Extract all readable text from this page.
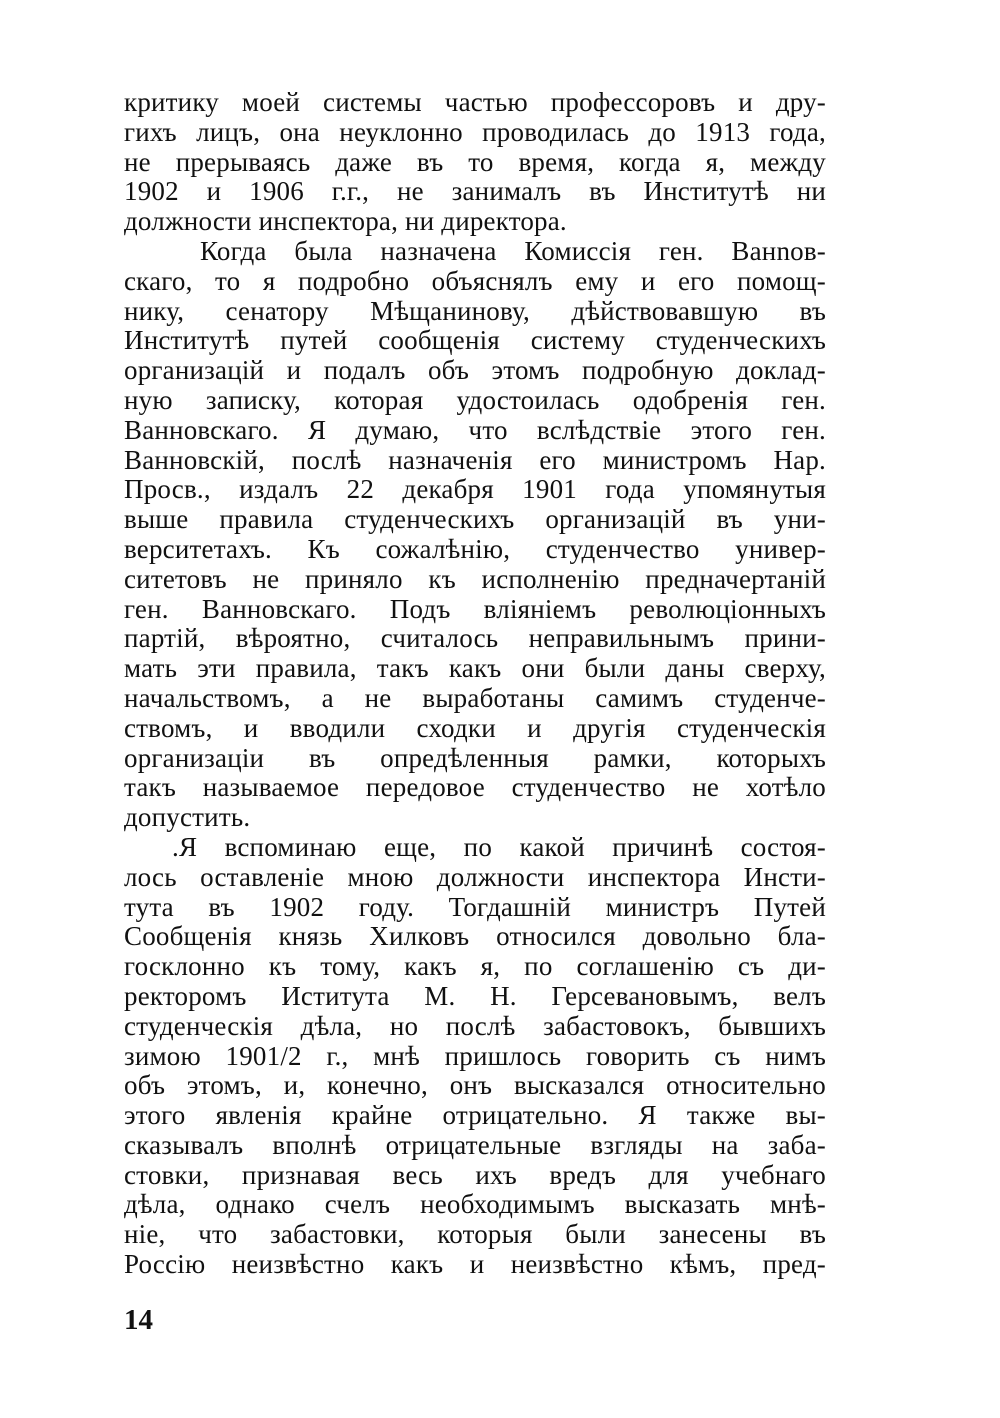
критику моей системы частью профессоровъ и дру-
гихъ лицъ, она неуклонно проводилась до 1913 года,
не прерываясь даже въ то время, когда я, между
1902 и 1906 г.г., не занималъ въ Институтѣ ни
должности инспектора, ни директора.
Когда была назначена Комиссія ген. Ванnов-
скаго, то я подробно объяснялъ ему и его помощ-
нику, сенатору Мѣщанинову, дѣйствовавшую въ
Институтѣ путей сообщенія систему студенческихъ
организацій и подалъ объ этомъ подробную доклад-
ную записку, которая удостоилась одобренія ген.
Ванновскаго. Я думаю, что вслѣдствіе этого ген.
Ванновскій, послѣ назначенія его министромъ Нар.
Просв., издалъ 22 декабря 1901 года упомянутыя
выше правила студенческихъ организацій въ уни-
верситетахъ. Къ сожалѣнію, студенчество универ-
ситетовъ не приняло къ исполненію предначертаній
ген. Ванновскаго. Подъ вліяніемъ революціонныхъ
партій, вѣроятно, считалось неправильнымъ прини-
мать эти правила, такъ какъ они были даны сверху,
начальствомъ, а не выработаны самимъ студенче-
ствомъ, и вводили сходки и другія студенческія
организаціи въ опредѣленныя рамки, которыхъ
такъ называемое передовое студенчество не хотѣло
допустить.
.Я вспоминаю еще, по какой причинѣ состоя-
лось оставленіе мною должности инспектора Инсти-
тута въ 1902 году. Тогдашній министръ Путей
Сообщенія князь Хилковъ относился довольно бла-
госклонно къ тому, какъ я, по соглашенію съ ди-
ректоромъ Иститута М. Н. Герсевановымъ, велъ
студенческія дѣла, но послѣ забастовокъ, бывшихъ
зимою 1901/2 г., мнѣ пришлось говорить съ нимъ
объ этомъ, и, конечно, онъ высказался относительно
этого явленія крайне отрицательно. Я также вы-
сказывалъ вполнѣ отрицательные взгляды на заба-
стовки, признавая весь ихъ вредъ для учебнаго
дѣла, однако счелъ необходимымъ высказать мнѣ-
ніе, что забастовки, которыя были занесены въ
Россію неизвѣстно какъ и неизвѣстно кѣмъ, пред-
14
